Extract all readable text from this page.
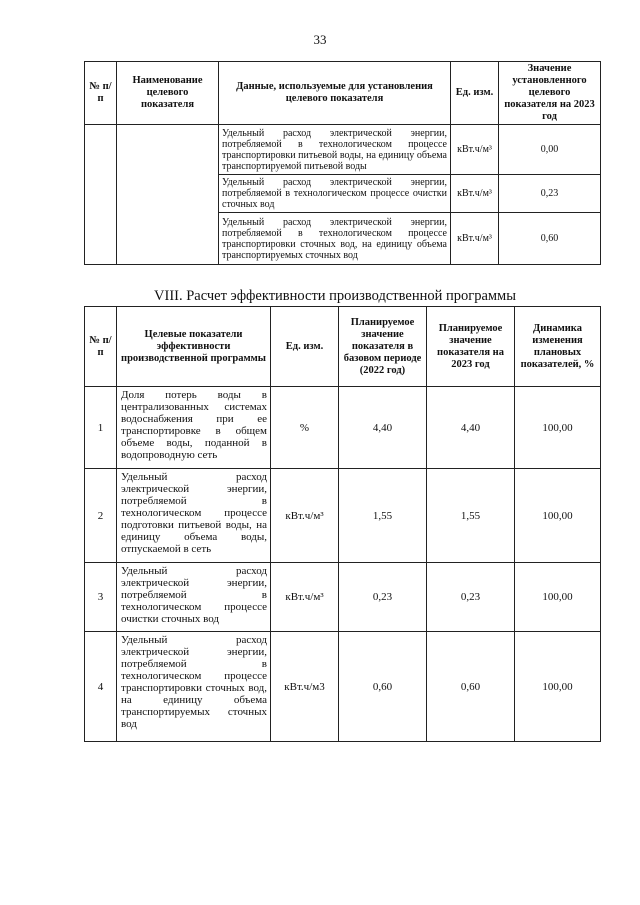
33
№ п/п	Наименование целевого показателя	Данные, используемые для установления целевого показателя	Ед. изм.	Значение установленного целевого показателя на 2023 год
		Удельный расход электрической энергии, потребляемой в технологическом процессе транспортировки питьевой воды, на единицу объема транспортируемой питьевой воды	кВт.ч/м³	0,00
		Удельный расход электрической энергии, потребляемой в технологическом процессе очистки сточных вод	кВт.ч/м³	0,23
		Удельный расход электрической энергии, потребляемой в технологическом процессе транспортировки сточных вод, на единицу объема транспортируемых сточных вод	кВт.ч/м³	0,60
VIII. Расчет эффективности производственной программы
№ п/п	Целевые показатели эффективности производственной программы	Ед. изм.	Планируемое значение показателя в базовом периоде (2022 год)	Планируемое значение показателя на 2023 год	Динамика изменения плановых показателей, %
1	Доля потерь воды в централизованных системах водоснабжения при ее транспортировке в общем объеме воды, поданной в водопроводную сеть	%	4,40	4,40	100,00
2	Удельный расход электрической энергии, потребляемой в технологическом процессе подготовки питьевой воды, на единицу объема воды, отпускаемой в сеть	кВт.ч/м³	1,55	1,55	100,00
3	Удельный расход электрической энергии, потребляемой в технологическом процессе очистки сточных вод	кВт.ч/м³	0,23	0,23	100,00
4	Удельный расход электрической энергии, потребляемой в технологическом процессе транспортировки сточных вод, на единицу объема транспортируемых сточных вод	кВт.ч/м3	0,60	0,60	100,00
